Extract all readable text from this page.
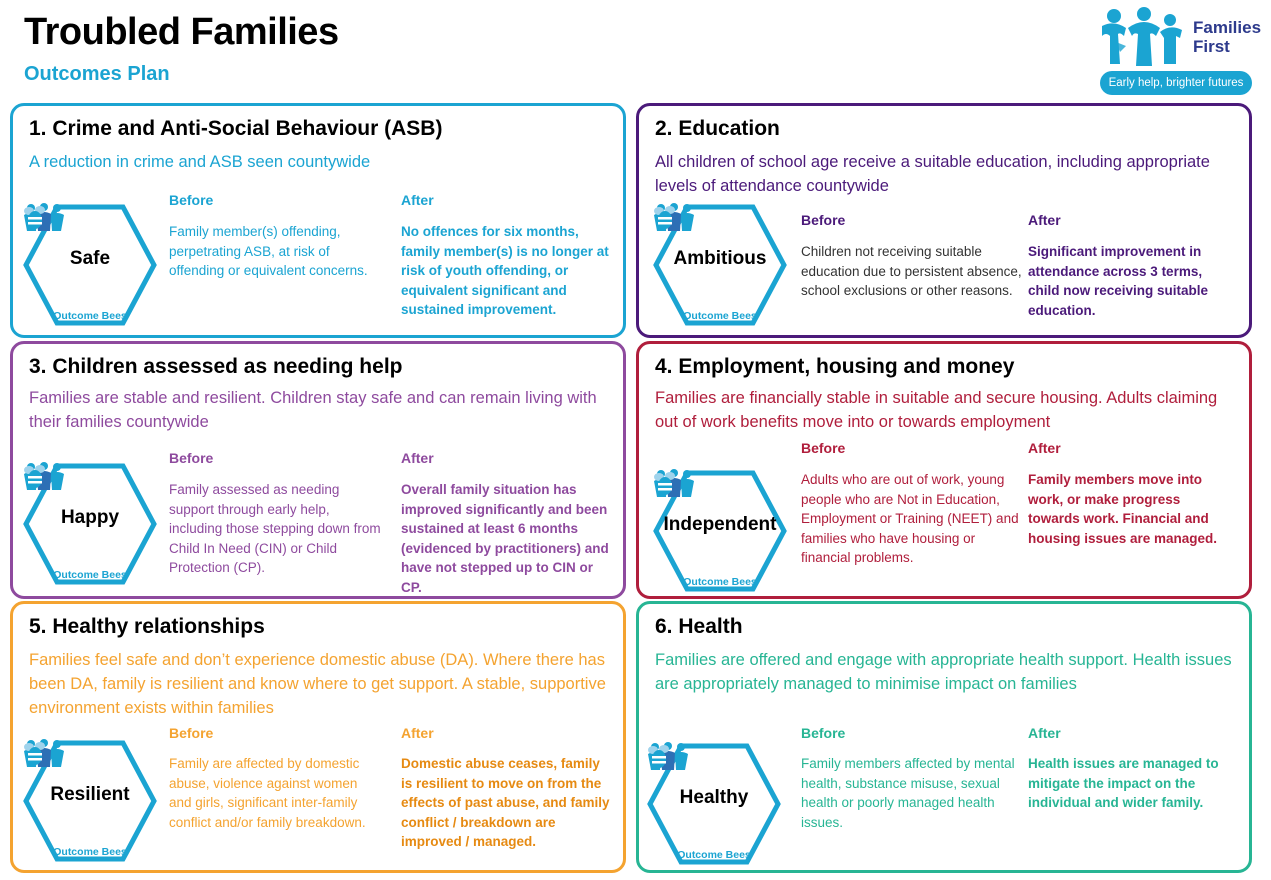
Troubled Families
Outcomes Plan
Families
First
Early help, brighter futures
1. Crime and Anti-Social Behaviour (ASB)
A reduction in crime and ASB seen countywide
Safe
Outcome Bees
Before	After
Family member(s) offending, perpetrating ASB, at risk of offending or equivalent concerns.
No offences for six months, family member(s) is no longer at risk of youth offending, or equivalent significant and sustained improvement.
2. Education
All children of school age receive a suitable education, including appropriate levels of attendance countywide
Ambitious
Outcome Bees
Before	After
Children not receiving suitable education due to persistent absence, school exclusions or other reasons.
Significant improvement in attendance across 3 terms, child now receiving suitable education.
3. Children assessed as needing help
Families are stable and resilient. Children stay safe and can remain living with their families countywide
Happy
Outcome Bees
Before	After
Family assessed as needing support through early help, including those stepping down from Child In Need (CIN) or Child Protection (CP).
Overall family situation has improved significantly and been sustained at least 6 months (evidenced by practitioners) and have not stepped up to CIN or CP.
4. Employment, housing and money
Families are financially stable in suitable and secure housing. Adults claiming out of work benefits move into or towards employment
Independent
Outcome Bees
Before	After
Adults who are out of work, young people who are Not in Education, Employment or Training (NEET) and families who have housing or financial problems.
Family members move into work, or make progress towards work. Financial and housing issues are managed.
5. Healthy relationships
Families feel safe and don’t experience domestic abuse (DA). Where there has been DA, family is resilient and know where to get support. A stable, supportive environment exists within families
Resilient
Outcome Bees
Before	After
Family are affected by domestic abuse, violence against women and girls, significant inter-family conflict and/or family breakdown.
Domestic abuse ceases, family is resilient to move on from the effects of past abuse, and family conflict / breakdown are improved / managed.
6. Health
Families are offered and engage with appropriate health support. Health issues are appropriately managed to minimise impact on families
Healthy
Outcome Bees
Before	After
Family members affected by mental health, substance misuse, sexual health or poorly managed health issues.
Health issues are managed to mitigate the impact on the individual and wider family.
